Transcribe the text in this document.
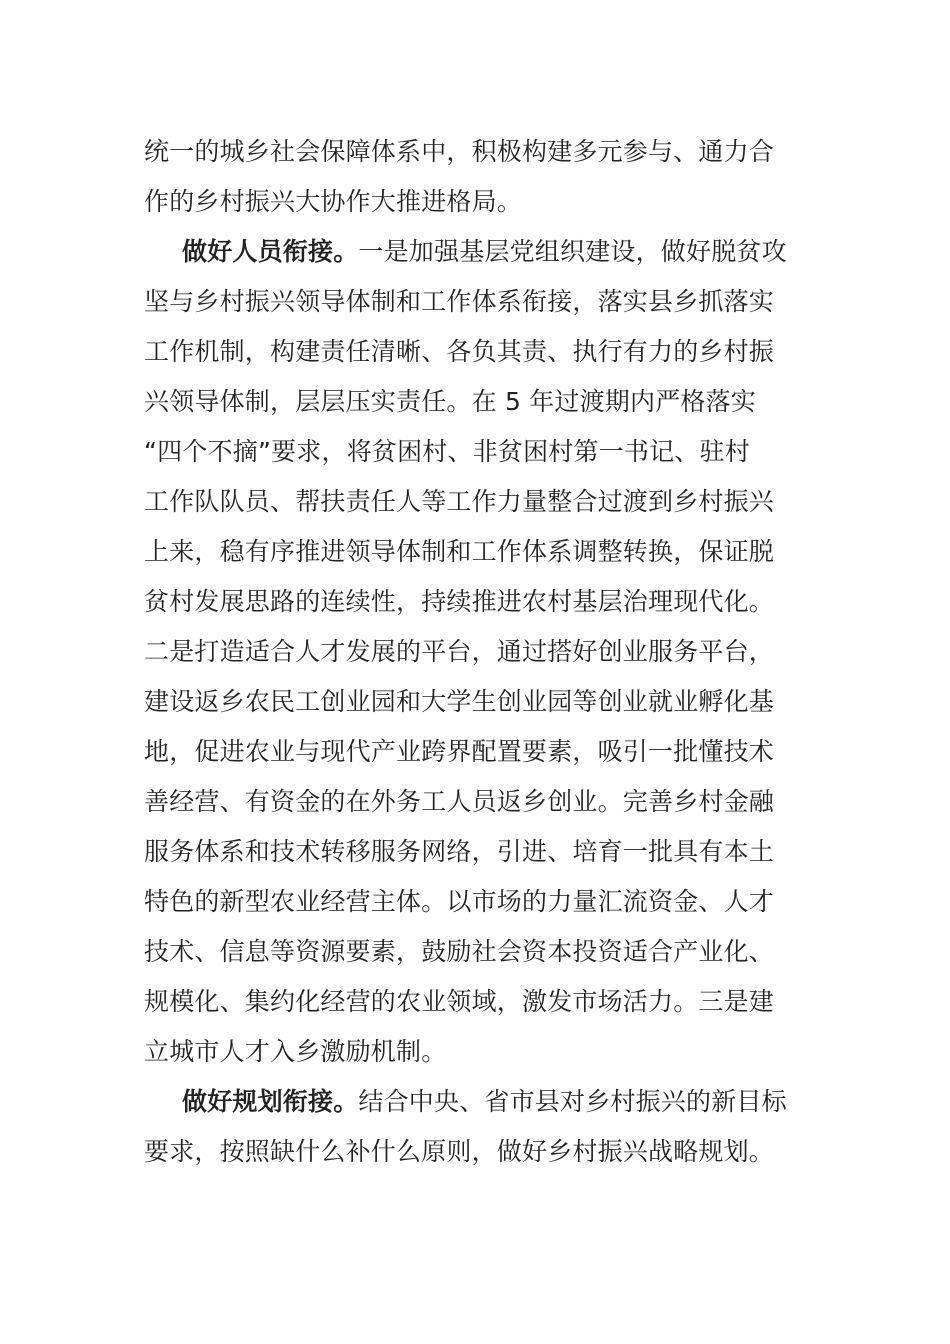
统一的城乡社会保障体系中，积极构建多元参与、通力合
作的乡村振兴大协作大推进格局。
做好人员衔接。一是加强基层党组织建设，做好脱贫攻
坚与乡村振兴领导体制和工作体系衔接，落实县乡抓落实
工作机制，构建责任清晰、各负其责、执行有力的乡村振
兴领导体制，层层压实责任。在 5 年过渡期内严格落实
“四个不摘”要求，将贫困村、非贫困村第一书记、驻村
工作队队员、帮扶责任人等工作力量整合过渡到乡村振兴
上来，稳有序推进领导体制和工作体系调整转换，保证脱
贫村发展思路的连续性，持续推进农村基层治理现代化。
二是打造适合人才发展的平台，通过搭好创业服务平台，
建设返乡农民工创业园和大学生创业园等创业就业孵化基
地，促进农业与现代产业跨界配置要素，吸引一批懂技术
善经营、有资金的在外务工人员返乡创业。完善乡村金融
服务体系和技术转移服务网络，引进、培育一批具有本土
特色的新型农业经营主体。以市场的力量汇流资金、人才
技术、信息等资源要素，鼓励社会资本投资适合产业化、
规模化、集约化经营的农业领域，激发市场活力。三是建
立城市人才入乡激励机制。
做好规划衔接。结合中央、省市县对乡村振兴的新目标
要求，按照缺什么补什么原则，做好乡村振兴战略规划。
